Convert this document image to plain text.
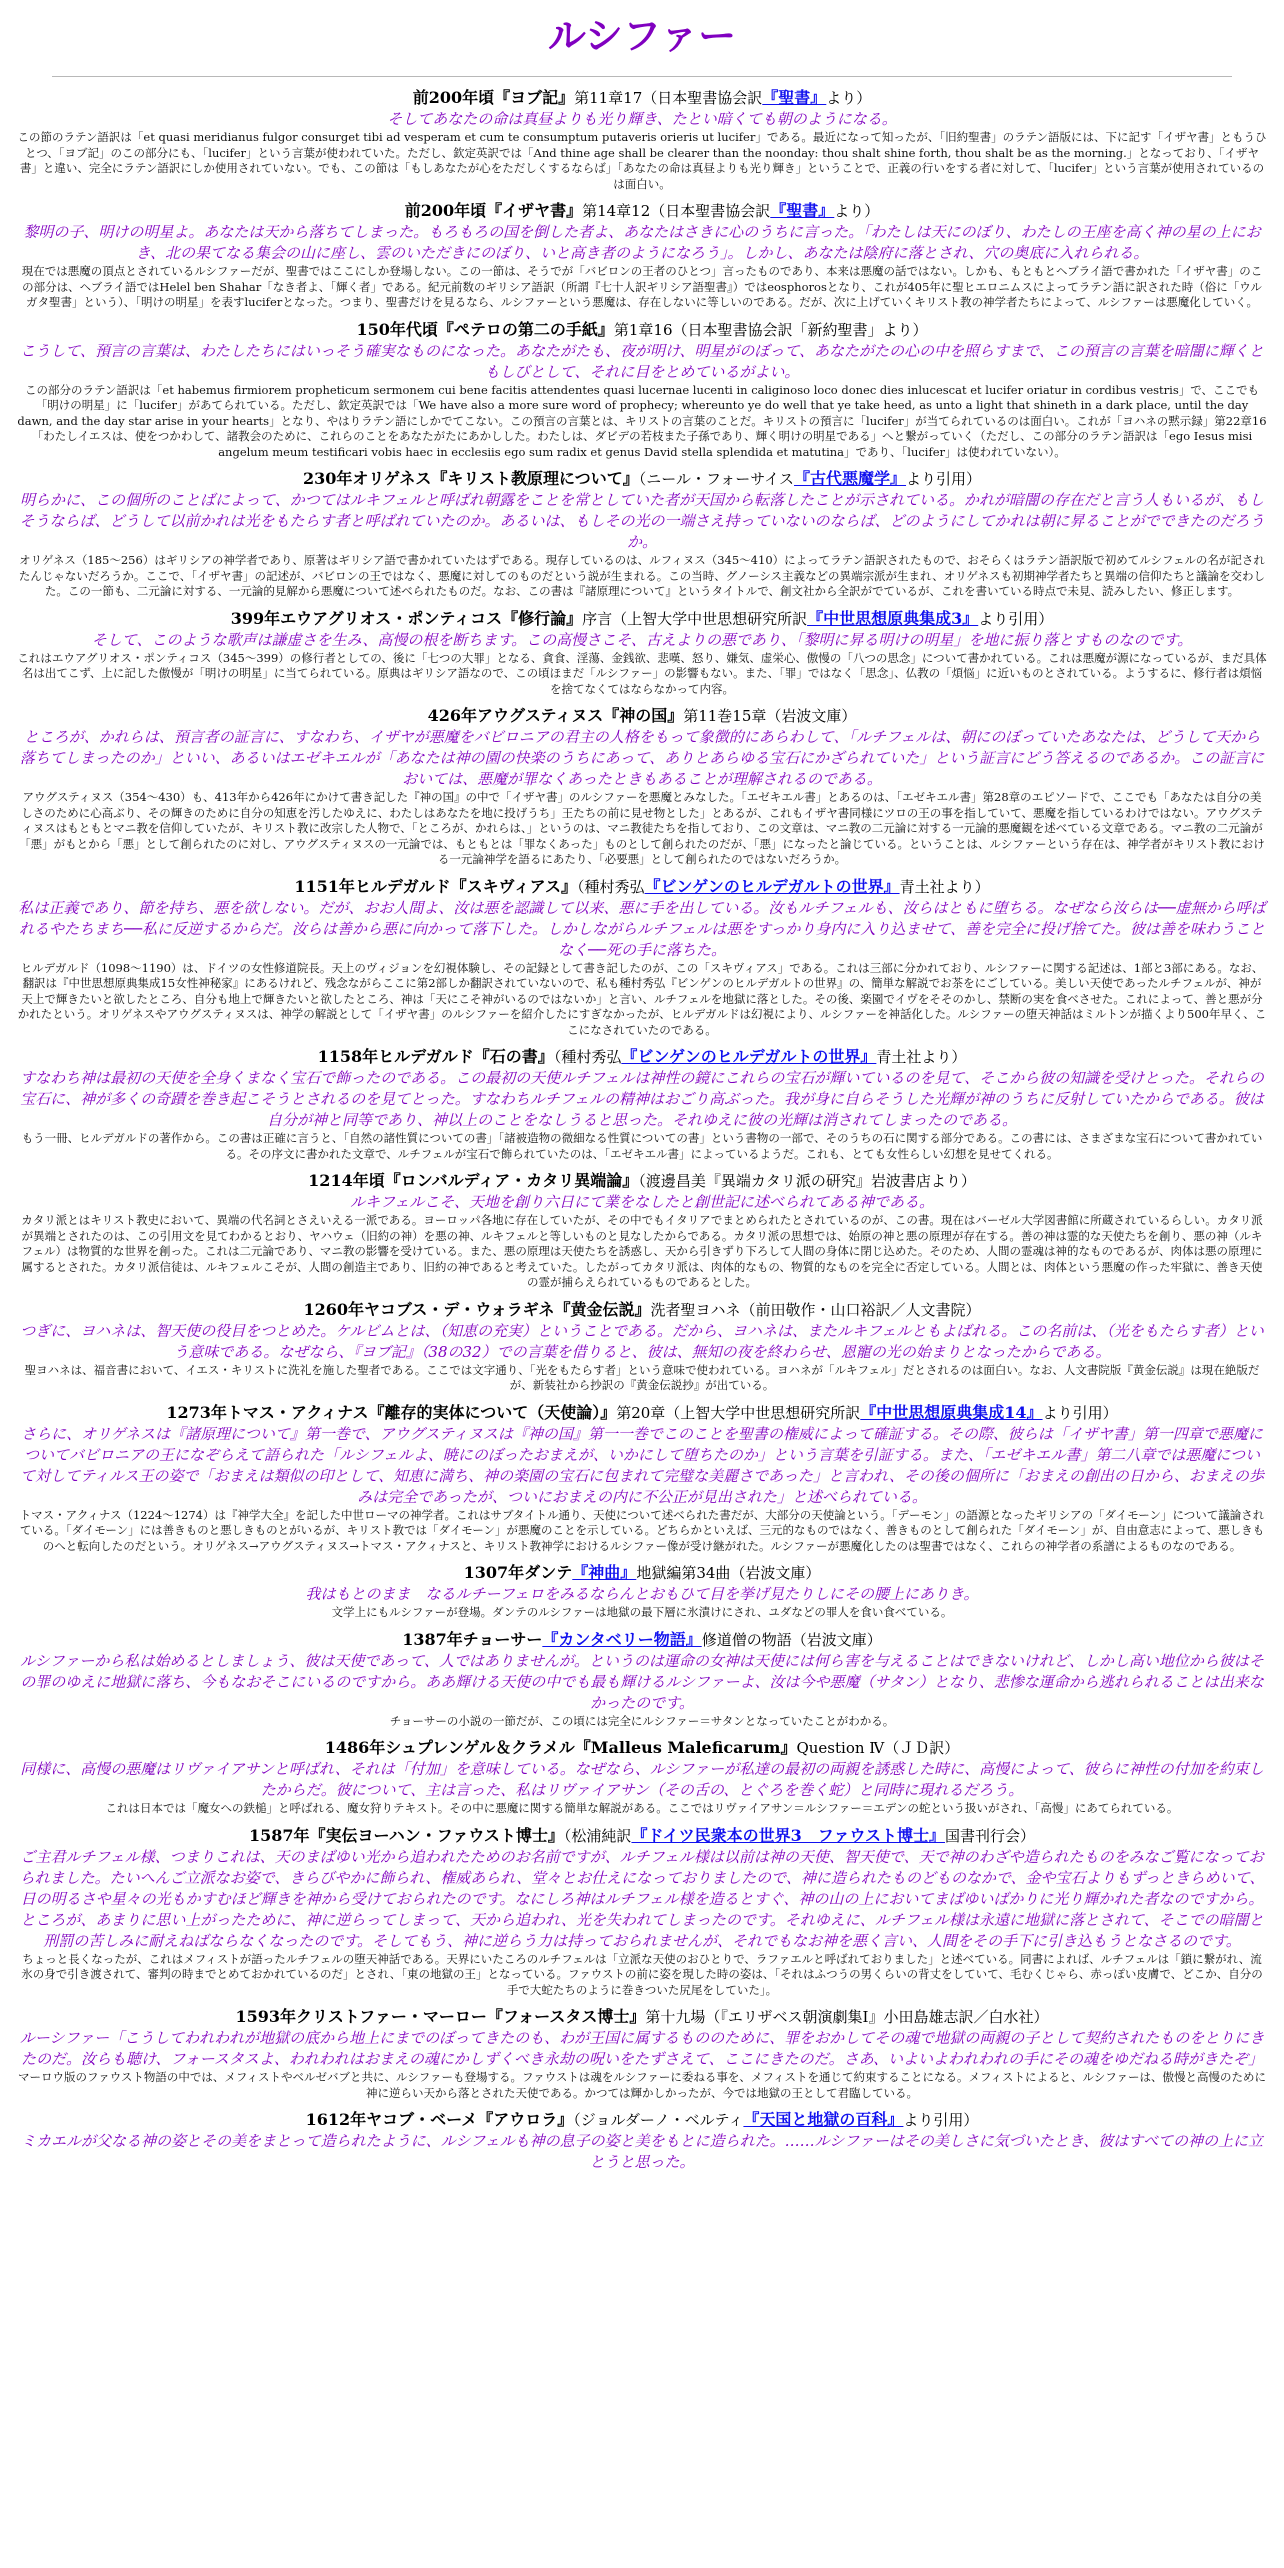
ルシファー
前200年頃『ヨブ記』第11章17（日本聖書協会訳『聖書』より）
そしてあなたの命は真昼よりも光り輝き、たとい暗くても朝のようになる。
この節のラテン語訳は「et quasi meridianus fulgor consurget tibi ad vesperam et cum te consumptum putaveris orieris ut lucifer」である。最近になって知ったが、「旧約聖書」のラテン語版には、下に記す「イザヤ書」ともうひとつ、「ヨブ記」のこの部分にも、「lucifer」という言葉が使われていた。ただし、欽定英訳では「And thine age shall be clearer than the noonday: thou shalt shine forth, thou shalt be as the morning.」となっており、「イザヤ書」と違い、完全にラテン語訳にしか使用されていない。でも、この節は「もしあなたが心をただしくするならば」「あなたの命は真昼よりも光り輝き」ということで、正義の行いをする者に対して、「lucifer」という言葉が使用されているのは面白い。
前200年頃『イザヤ書』第14章12（日本聖書協会訳『聖書』より）
黎明の子、明けの明星よ。あなたは天から落ちてしまった。もろもろの国を倒した者よ、あなたはさきに心のうちに言った。「わたしは天にのぼり、わたしの王座を高く神の星の上におき、北の果てなる集会の山に座し、雲のいただきにのぼり、いと高き者のようになろう」。しかし、あなたは陰府に落とされ、穴の奥底に入れられる。
現在では悪魔の頂点とされているルシファーだが、聖書ではここにしか登場しない。この一節は、そうでが「バビロンの王者のひとつ」言ったものであり、本来は悪魔の話ではない。しかも、もともとヘブライ語で書かれた「イザヤ書」のこの部分は、ヘブライ語ではHelel ben Shahar「なき者よ、「輝く者」である。紀元前数のギリシア語訳（所謂『七十人訳ギリシア語聖書』）ではeosphorosとなり、これが405年に聖ヒエロニムスによってラテン語に訳された時（俗に「ウルガタ聖書」という）、「明けの明星」を表すluciferとなった。つまり、聖書だけを見るなら、ルシファーという悪魔は、存在しないに等しいのである。だが、次に上げていくキリスト教の神学者たちによって、ルシファーは悪魔化していく。
150年代頃『ペテロの第二の手紙』第1章16（日本聖書協会訳「新約聖書」より）
こうして、預言の言葉は、わたしたちにはいっそう確実なものになった。あなたがたも、夜が明け、明星がのぼって、あなたがたの心の中を照らすまで、この預言の言葉を暗闇に輝くともしびとして、それに目をとめているがよい。
この部分のラテン語訳は「et habemus firmiorem propheticum sermonem cui bene facitis attendentes quasi lucernae lucenti in caliginoso loco donec dies inlucescat et lucifer oriatur in cordibus vestris」で、ここでも「明けの明星」に「lucifer」があてられている。ただし、欽定英訳では「We have also a more sure word of prophecy; whereunto ye do well that ye take heed, as unto a light that shineth in a dark place, until the day dawn, and the day star arise in your hearts」となり、やはりラテン語にしかでてこない。この預言の言葉とは、キリストの言葉のことだ。キリストの預言に「lucifer」が当てられているのは面白い。これが「ヨハネの黙示録」第22章16「わたしイエスは、使をつかわして、諸教会のために、これらのことをあなたがたにあかしした。わたしは、ダビデの若枝また子孫であり、輝く明けの明星である」へと繋がっていく（ただし、この部分のラテン語訳は「ego Iesus misi angelum meum testificari vobis haec in ecclesiis ego sum radix et genus David stella splendida et matutina」であり、「lucifer」は使われていない）。
230年オリゲネス『キリスト教原理について』（ニール・フォーサイス『古代悪魔学』より引用）
明らかに、この個所のことばによって、かつてはルキフェルと呼ばれ朝露をことを常としていた者が天国から転落したことが示されている。かれが暗闇の存在だと言う人もいるが、もしそうならば、どうして以前かれは光をもたらす者と呼ばれていたのか。あるいは、もしその光の一端さえ持っていないのならば、どのようにしてかれは朝に昇ることがでできたのだろうか。
オリゲネス（185〜256）はギリシアの神学者であり、原著はギリシア語で書かれていたはずである。現存しているのは、ルフィヌス（345〜410）によってラテン語訳されたもので、おそらくはラテン語訳版で初めてルシフェルの名が記されたんじゃないだろうか。ここで、「イザヤ書」の記述が、バビロンの王ではなく、悪魔に対してのものだという説が生まれる。この当時、グノーシス主義などの異端宗派が生まれ、オリゲネスも初期神学者たちと異端の信仰たちと議論を交わした。この一節も、二元論に対する、一元論的見解から悪魔について述べられたものだ。なお、この書は『諸原理について』というタイトルで、創文社から全訳がでているが、これを書いている時点で未見、読みしたい、修正します。
399年エウアグリオス・ポンティコス『修行論』序言（上智大学中世思想研究所訳『中世思想原典集成3』より引用）
そして、このような歌声は謙虚さを生み、高慢の根を断ちます。この高慢さこそ、古えよりの悪であり、「黎明に昇る明けの明星」を地に振り落とすものなのです。
これはエウアグリオス・ポンティコス（345〜399）の修行者としての、後に「七つの大罪」となる、貪食、淫蕩、金銭欲、悲嘆、怒り、嫌気、虚栄心、傲慢の「八つの思念」について書かれている。これは悪魔が源になっているが、まだ具体名は出てこず、上に記した傲慢が「明けの明星」に当てられている。原典はギリシア語なので、この頃ほまだ「ルシファー」の影響もない。また、「罪」ではなく「思念」、仏教の「煩悩」に近いものとされている。ようするに、修行者は煩悩を捨てなくてはならなかって内容。
426年アウグスティヌス『神の国』第11巻15章（岩波文庫）
ところが、かれらは、預言者の証言に、すなわち、イザヤが悪魔をバビロニアの君主の人格をもって象徴的にあらわして、「ルチフェルは、朝にのぼっていたあなたは、どうして天から落ちてしまったのか」といい、あるいはエゼキエルが「あなたは神の園の快楽のうちにあって、ありとあらゆる宝石にかざられていた」という証言にどう答えるのであるか。この証言においては、悪魔が罪なくあったときもあることが理解されるのである。
アウグスティヌス（354〜430）も、413年から426年にかけて書き記した『神の国』の中で「イザヤ書」のルシファーを悪魔とみなした。「エゼキエル書」とあるのは、「エゼキエル書」第28章のエピソードで、ここでも「あなたは自分の美しさのために心高ぶり、その輝きのために自分の知恵を汚したゆえに、わたしはあなたを地に投げうち」王たちの前に見せ物とした」とあるが、これもイザヤ書同様にツロの王の事を指していて、悪魔を指しているわけではない。アウグスティヌスはもともとマニ教を信仰していたが、キリスト教に改宗した人物で、「ところが、かれらは、」というのは、マニ教徒たちを指しており、この文章は、マニ教の二元論に対する一元論的悪魔観を述べている文章である。マニ教の二元論が「悪」がもとから「悪」として創られたのに対し、アウグスティヌスの一元論では、もともとは「罪なくあった」ものとして創られたのだが、「悪」になったと論じている。ということは、ルシファーという存在は、神学者がキリスト教における一元論神学を語るにあたり、「必要悪」として創られたのではないだろうか。
1151年ヒルデガルド『スキヴィアス』（種村秀弘『ビンゲンのヒルデガルトの世界』青土社より）
私は正義であり、節を持ち、悪を欲しない。だが、おお人間よ、汝は悪を認識して以来、悪に手を出している。汝もルチフェルも、汝らはともに堕ちる。なぜなら汝らは──虚無から呼ばれるやたちまち──私に反逆するからだ。汝らは善から悪に向かって落下した。しかしながらルチフェルは悪をすっかり身内に入り込ませて、善を完全に投げ捨てた。彼は善を味わうことなく──死の手に落ちた。
ヒルデガルド（1098〜1190）は、ドイツの女性修道院長。天上のヴィジョンを幻視体験し、その記録として書き記したのが、この「スキヴィアス」である。これは三部に分かれており、ルシファーに関する記述は、1部と3部にある。なお、翻訳は『中世思想原典集成15女性神秘家』にあるけれど、残念ながらここに第2部しか翻訳されていないので、私も種村秀弘『ビンゲンのヒルデガルトの世界』の、簡単な解説でお茶をにごしている。美しい天使であったルチフェルが、神が天上で輝きたいと欲したところ、自分も地上で輝きたいと欲したところ、神は「天にこそ神がいるのではないか」と言い、ルチフェルを地獄に落とした。その後、楽園でイヴをそそのかし、禁断の実を食べさせた。これによって、善と悪が分かれたという。オリゲネスやアウグスティヌスは、神学の解説として「イザヤ書」のルシファーを紹介したにすぎなかったが、ヒルデガルドは幻視により、ルシファーを神話化した。ルシファーの堕天神話はミルトンが描くより500年早く、ここになされていたのである。
1158年ヒルデガルド『石の書』（種村秀弘『ビンゲンのヒルデガルトの世界』青土社より）
すなわち神は最初の天使を全身くまなく宝石で飾ったのである。この最初の天使ルチフェルは神性の鏡にこれらの宝石が輝いているのを見て、そこから彼の知識を受けとった。それらの宝石に、神が多くの奇蹟を巻き起こそうとされるのを見てとった。すなわちルチフェルの精神はおごり高ぶった。我が身に自らそうした光輝が神のうちに反射していたからである。彼は自分が神と同等であり、神以上のことをなしうると思った。それゆえに彼の光輝は消されてしまったのである。
もう一冊、ヒルデガルドの著作から。この書は正確に言うと、「自然の諸性質についての書」「諸被造物の微細なる性質についての書」という書物の一部で、そのうちの石に関する部分である。この書には、さまざまな宝石について書かれている。その序文に書かれた文章で、ルチフェルが宝石で飾られていたのは、「エゼキエル書」によっているようだ。これも、とても女性らしい幻想を見せてくれる。
1214年頃『ロンバルディア・カタリ異端論』（渡邊昌美『異端カタリ派の研究』岩波書店より）
ルキフェルこそ、天地を創り六日にて業をなしたと創世記に述べられてある神である。
カタリ派とはキリスト教史において、異端の代名詞とさえいえる一派である。ヨーロッパ各地に存在していたが、その中でもイタリアでまとめられたとされているのが、この書。現在はバーゼル大学図書館に所蔵されているらしい。カタリ派が異端とされたのは、この引用文を見てわかるとおり、ヤハウェ（旧約の神）を悪の神、ルキフェルと等しいものと見なしたからである。カタリ派の思想では、始原の神と悪の原理が存在する。善の神は霊的な天使たちを創り、悪の神（ルキフェル）は物質的な世界を創った。これは二元論であり、マニ教の影響を受けている。また、悪の原理は天使たちを誘惑し、天から引きずり下ろして人間の身体に閉じ込めた。そのため、人間の霊魂は神的なものであるが、肉体は悪の原理に属するとされた。カタリ派信徒は、ルキフェルこそが、人間の創造主であり、旧約の神であると考えていた。したがってカタリ派は、肉体的なもの、物質的なものを完全に否定している。人間とは、肉体という悪魔の作った牢獄に、善き天使の霊が捕らえられているものであるとした。
1260年ヤコブス・デ・ウォラギネ『黄金伝説』洗者聖ヨハネ（前田敬作・山口裕訳／人文書院）
つぎに、ヨハネは、智天使の役目をつとめた。ケルビムとは、（知恵の充実）ということである。だから、ヨハネは、またルキフェルともよばれる。この名前は、（光をもたらす者）という意味である。なぜなら、『ヨブ記』（38の32）での言葉を借りると、彼は、無知の夜を終わらせ、恩寵の光の始まりとなったからである。
聖ヨハネは、福音書において、イエス・キリストに洗礼を施した聖者である。ここでは文字通り、「光をもたらす者」という意味で使われている。ヨハネが「ルキフェル」だとされるのは面白い。なお、人文書院版『黄金伝説』は現在絶版だが、新装社から抄訳の『黄金伝説抄』が出ている。
1273年トマス・アクィナス『離存的実体について（天使論）』第20章（上智大学中世思想研究所訳『中世思想原典集成14』より引用）
さらに、オリゲネスは『諸原理について』第一巻で、アウグスティヌスは『神の国』第一一巻でこのことを聖書の権威によって確証する。その際、彼らは「イザヤ書」第一四章で悪魔についてバビロニアの王になぞらえて語られた「ルシフェルよ、暁にのぼったおまえが、いかにして堕ちたのか」という言葉を引証する。また、「エゼキエル書」第二八章では悪魔について対してティルス王の姿で「おまえは類似の印として、知恵に満ち、神の楽園の宝石に包まれて完璧な美麗さであった」と言われ、その後の個所に「おまえの創出の日から、おまえの歩みは完全であったが、ついにおまえの内に不公正が見出された」と述べられている。
トマス・アクィナス（1224〜1274）は『神学大全』を記した中世ローマの神学者。これはサブタイトル通り、天使について述べられた書だが、大部分の天使論という。「デーモン」の語源となったギリシアの「ダイモーン」について議論されている。「ダイモーン」には善きものと悪しきものとがいるが、キリスト教では「ダイモーン」が悪魔のことを示している。どちらかといえば、三元的なものではなく、善きものとして創られた「ダイモーン」が、自由意志によって、悪しきものへと転向したのだという。オリゲネス→アウグスティヌス→トマス・アクィナスと、キリスト教神学におけるルシファー像が受け継がれた。ルシファーが悪魔化したのは聖書ではなく、これらの神学者の系譜によるものなのである。
1307年ダンテ『神曲』地獄編第34曲（岩波文庫）
我はもとのまま　なるルチーフェロをみるならんとおもひて目を挙げ見たりしにその腰上にありき。
文学上にもルシファーが登場。ダンテのルシファーは地獄の最下層に氷漬けにされ、ユダなどの罪人を食い食べている。
1387年チョーサー『カンタベリー物語』修道僧の物語（岩波文庫）
ルシファーから私は始めるとしましょう、彼は天使であって、人ではありませんが。というのは運命の女神は天使には何ら害を与えることはできないけれど、しかし高い地位から彼はその罪のゆえに地獄に落ち、今もなおそこにいるのですから。ああ輝ける天使の中でも最も輝けるルシファーよ、汝は今や悪魔（サタン）となり、悲惨な運命から逃れられることは出来なかったのです。
チョーサーの小説の一節だが、この頃には完全にルシファー＝サタンとなっていたことがわかる。
1486年シュプレンゲル＆クラメル『Malleus Maleficarum』Question Ⅳ（ＪＤ訳）
同様に、高慢の悪魔はリヴァイアサンと呼ばれ、それは「付加」を意味している。なぜなら、ルシファーが私達の最初の両親を誘惑した時に、高慢によって、彼らに神性の付加を約束したからだ。彼について、主は言った、私はリヴァイアサン（その舌の、とぐろを巻く蛇）と同時に現れるだろう。
これは日本では「魔女への鉄槌」と呼ばれる、魔女狩りテキスト。その中に悪魔に関する簡単な解説がある。ここではリヴァイアサン＝ルシファー＝エデンの蛇という扱いがされ、「高慢」にあてられている。
1587年『実伝ヨーハン・ファウスト博士』（松浦純訳『ドイツ民衆本の世界3　ファウスト博士』国書刊行会）
ご主君ルチフェル様、つまりこれは、天のまばゆい光から追われたためのお名前ですが、ルチフェル様は以前は神の天使、智天使で、天で神のわざや造られたものをみなご覧になっておられました。たいへんご立派なお姿で、きらびやかに飾られ、権威あられ、堂々とお仕えになっておりましたので、神に造られたものどものなかで、金や宝石よりもずっときらめいて、日の明るさや星々の光もかすむほど輝きを神から受けておられたのです。なにしろ神はルチフェル様を造るとすぐ、神の山の上においてまばゆいばかりに光り輝かれた者なのですから。ところが、あまりに思い上がったために、神に逆らってしまって、天から追われ、光を失われてしまったのです。それゆえに、ルチフェル様は永遠に地獄に落とされて、そこでの暗闇と刑罰の苦しみに耐えねばならなくなったのです。そしてもう、神に逆らう力は持っておられませんが、それでもなお神を悪く言い、人間をその手下に引き込もうとなさるのです。
ちょっと長くなったが、これはメフィストが語ったルチフェルの堕天神話である。天界にいたころのルチフェルは「立派な天使のおひとりで、ラファエルと呼ばれておりました」と述べている。同書によれば、ルチフェルは「鎖に繋がれ、流氷の身で引き渡されて、審判の時までとめておかれているのだ」とされ、「東の地獄の王」となっている。ファウストの前に姿を現した時の姿は、「それはふつうの男くらいの背丈をしていて、毛むくじゃら、赤っぽい皮膚で、どこか、自分の手で大蛇たちのように巻きついた尻尾をしていた」。
1593年クリストファー・マーロー『フォースタス博士』第十九場（『エリザベス朝演劇集Ⅰ』小田島雄志訳／白水社）
ルーシファー「こうしてわれわれが地獄の底から地上にまでのぼってきたのも、わが王国に属するもののために、罪をおかしてその魂で地獄の両親の子として契約されたものをとりにきたのだ。汝らも聴け、フォースタスよ、われわれはおまえの魂にかしずくべき永劫の呪いをたずさえて、ここにきたのだ。さあ、いよいよわれわれの手にその魂をゆだねる時がきたぞ」
マーロウ版のファウスト物語の中では、メフィストやベルゼバブと共に、ルシファーも登場する。ファウストは魂をルシファーに委ねる事を、メフィストを通じて約束することになる。メフィストによると、ルシファーは、傲慢と高慢のために神に逆らい天から落とされた天使である。かつては輝かしかったが、今では地獄の王として君臨している。
1612年ヤコブ・ベーメ『アウロラ』（ジョルダーノ・ベルティ『天国と地獄の百科』より引用）
ミカエルが父なる神の姿とその美をまとって造られたように、ルシフェルも神の息子の姿と美をもとに造られた。……ルシファーはその美しさに気づいたとき、彼はすべての神の上に立とうと思った。
